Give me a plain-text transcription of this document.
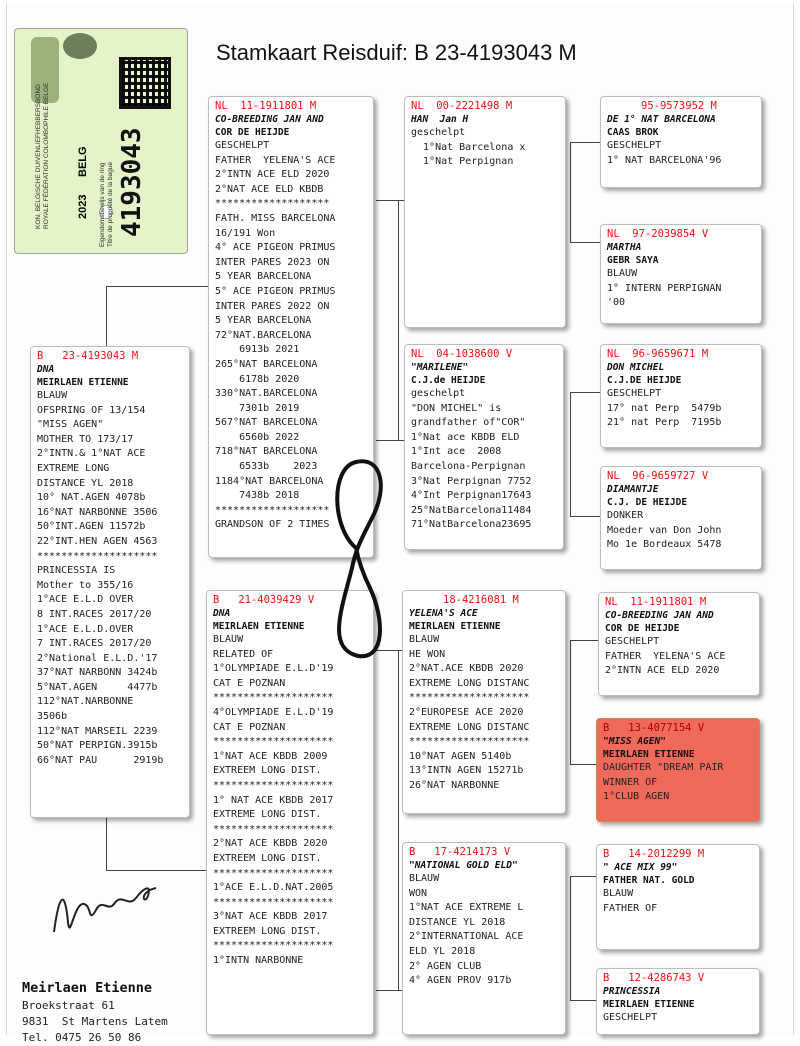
Stamkaart Reisduif: B 23-4193043 M
KON. BELGISCHE DUIVENLIEFHEBBERSBOND ROYALE FÉDÉRATION COLOMBOPHILE BELGE	Eigendomsbewijs van de ring Titre de propriété de la bague
2023
BELG 4193043
B   23-4193043 M
DNA
MEIRLAEN ETIENNE
BLAUW
OFSPRING OF 13/154
"MISS AGEN"
MOTHER TO 173/17
2°INTN.& 1°NAT ACE
EXTREME LONG
DISTANCE YL 2018
10° NAT.AGEN 4078b
16°NAT NARBONNE 3506
50°INT.AGEN 11572b
22°INT.HEN AGEN 4563
********************
PRINCESSIA IS
Mother to 355/16
1°ACE E.L.D OVER
8 INT.RACES 2017/20
1°ACE E.L.D.OVER
7 INT.RACES 2017/20
2°National E.L.D.'17
37°NAT NARBONN 3424b
5°NAT.AGEN     4477b
112°NAT.NARBONNE
3506b
112°NAT MARSEIL 2239
50°NAT PERPIGN.3915b
66°NAT PAU      2919b
NL  11-1911801 M
CO-BREEDING JAN AND
COR DE HEIJDE
GESCHELPT
FATHER  YELENA'S ACE
2°INTN ACE ELD 2020
2°NAT ACE ELD KBDB
*******************
FATH. MISS BARCELONA
16/191 Won
4° ACE PIGEON PRIMUS
INTER PARES 2023 ON
5 YEAR BARCELONA
5° ACE PIGEON PRIMUS
INTER PARES 2022 ON
5 YEAR BARCELONA
72°NAT.BARCELONA
6913b 2021
265°NAT BARCELONA
6178b 2020
330°NAT.BARCELONA
7301b 2019
567°NAT BARCELONA
6560b 2022
718°NAT BARCELONA
6533b    2023
1184°NAT BARCELONA
7438b 2018
*******************
GRANDSON OF 2 TIMES
B   21-4039429 V
DNA
MEIRLAEN ETIENNE
BLAUW
RELATED OF
1°OLYMPIADE E.L.D'19
CAT E POZNAN
********************
4°OLYMPIADE E.L.D'19
CAT E POZNAN
********************
1°NAT ACE KBDB 2009
EXTREEM LONG DIST.
********************
1° NAT ACE KBDB 2017
EXTREME LONG DIST.
********************
2°NAT ACE KBDB 2020
EXTREEM LONG DIST.
********************
1°ACE E.L.D.NAT.2005
********************
3°NAT ACE KBDB 2017
EXTREEM LONG DIST.
********************
1°INTN NARBONNE
NL  00-2221498 M
HAN  Jan H
geschelpt
1°Nat Barcelona x
1°Nat Perpignan
NL  04-1038600 V
"MARILENE"
C.J.de HEIJDE
geschelpt
"DON MICHEL" is
grandfather of"COR"
1°Nat ace KBDB ELD
1°Int ace  2008
Barcelona-Perpignan
3°Nat Perpignan 7752
4°Int Perpignan17643
25°NatBarcelona11484
71°NatBarcelona23695
18-4216081 M
YELENA'S ACE
MEIRLAEN ETIENNE
BLAUW
HE WON
2°NAT.ACE KBDB 2020
EXTREME LONG DISTANC
********************
2°EUROPESE ACE 2020
EXTREME LONG DISTANC
********************
10°NAT AGEN 5140b
13°INTN AGEN 15271b
26°NAT NARBONNE
B   17-4214173 V
"NATIONAL GOLD ELD"
BLAUW
WON
1°NAT ACE EXTREME L
DISTANCE YL 2018
2°INTERNATIONAL ACE
ELD YL 2018
2° AGEN CLUB
4° AGEN PROV 917b
95-9573952 M
DE 1° NAT BARCELONA
CAAS BROK
GESCHELPT
1° NAT BARCELONA'96
NL  97-2039854 V
MARTHA
GEBR SAYA
BLAUW
1° INTERN PERPIGNAN
'00
NL  96-9659671 M
DON MICHEL
C.J.DE HEIJDE
GESCHELPT
17° nat Perp  5479b
21° nat Perp  7195b
NL  96-9659727 V
DIAMANTJE
C.J. DE HEIJDE
DONKER
Moeder van Don John
Mo 1e Bordeaux 5478
NL  11-1911801 M
CO-BREEDING JAN AND
COR DE HEIJDE
GESCHELPT
FATHER  YELENA'S ACE
2°INTN ACE ELD 2020
B   13-4077154 V
"MISS AGEN"
MEIRLAEN ETIENNE
DAUGHTER "DREAM PAIR
WINNER OF
1°CLUB AGEN
B   14-2012299 M
" ACE MIX 99"
FATHER NAT. GOLD
BLAUW
FATHER OF
B   12-4286743 V
PRINCESSIA
MEIRLAEN ETIENNE
GESCHELPT
Meirlaen Etienne
Broekstraat 61
9831  St Martens Latem
Tel. 0475 26 50 86
